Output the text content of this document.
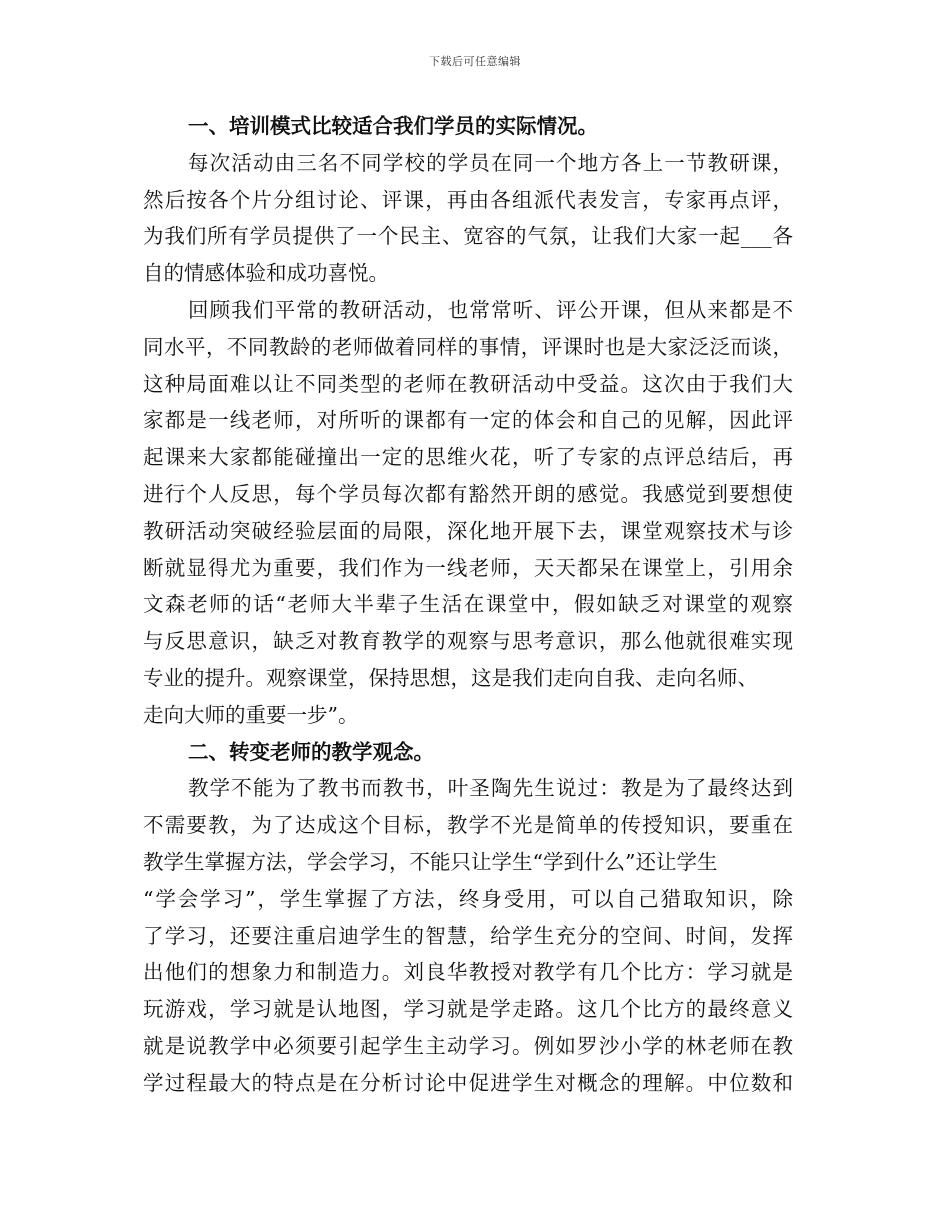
下载后可任意编辑
一、培训模式比较适合我们学员的实际情况。
每次活动由三名不同学校的学员在同一个地方各上一节教研课，
然后按各个片分组讨论、评课，再由各组派代表发言，专家再点评，
为我们所有学员提供了一个民主、宽容的气氛，让我们大家一起___各
自的情感体验和成功喜悦。
回顾我们平常的教研活动，也常常听、评公开课，但从来都是不
同水平，不同教龄的老师做着同样的事情，评课时也是大家泛泛而谈，
这种局面难以让不同类型的老师在教研活动中受益。这次由于我们大
家都是一线老师，对所听的课都有一定的体会和自己的见解，因此评
起课来大家都能碰撞出一定的思维火花，听了专家的点评总结后，再
进行个人反思，每个学员每次都有豁然开朗的感觉。我感觉到要想使
教研活动突破经验层面的局限，深化地开展下去，课堂观察技术与诊
断就显得尤为重要，我们作为一线老师，天天都呆在课堂上，引用余
文森老师的话“老师大半辈子生活在课堂中，假如缺乏对课堂的观察
与反思意识，缺乏对教育教学的观察与思考意识，那么他就很难实现
专业的提升。观察课堂，保持思想，这是我们走向自我、走向名师、
走向大师的重要一步”。
二、转变老师的教学观念。
教学不能为了教书而教书，叶圣陶先生说过：教是为了最终达到
不需要教，为了达成这个目标，教学不光是简单的传授知识，要重在
教学生掌握方法，学会学习，不能只让学生“学到什么”还让学生
“学会学习”，学生掌握了方法，终身受用，可以自己猎取知识，除
了学习，还要注重启迪学生的智慧，给学生充分的空间、时间，发挥
出他们的想象力和制造力。刘良华教授对教学有几个比方：学习就是
玩游戏，学习就是认地图，学习就是学走路。这几个比方的最终意义
就是说教学中必须要引起学生主动学习。例如罗沙小学的林老师在教
学过程最大的特点是在分析讨论中促进学生对概念的理解。中位数和
